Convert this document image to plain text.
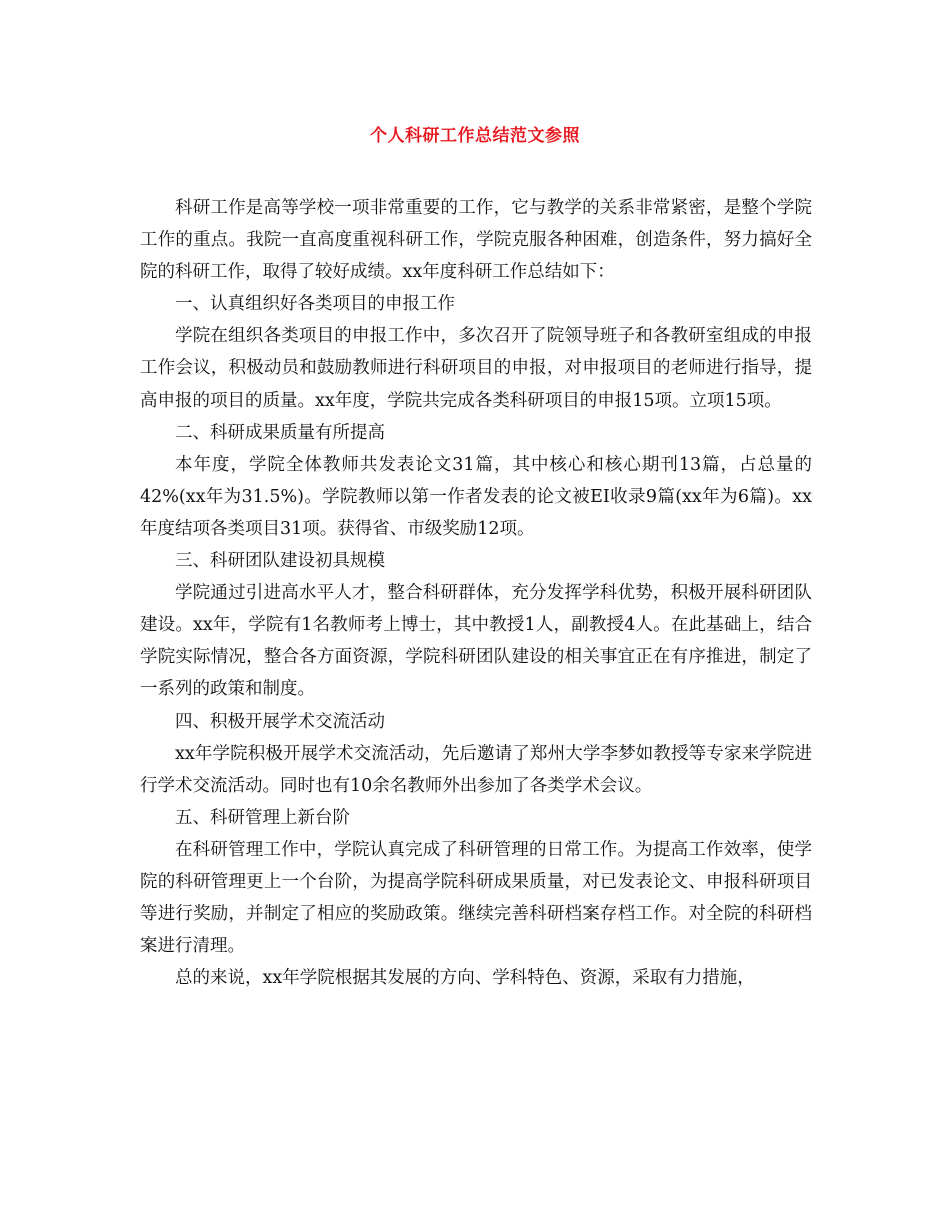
个人科研工作总结范文参照

科研工作是高等学校一项非常重要的工作，它与教学的关系非常紧密，是整个学院工作的重点。我院一直高度重视科研工作，学院克服各种困难，创造条件，努力搞好全院的科研工作，取得了较好成绩。xx年度科研工作总结如下：

一、认真组织好各类项目的申报工作

学院在组织各类项目的申报工作中，多次召开了院领导班子和各教研室组成的申报工作会议，积极动员和鼓励教师进行科研项目的申报，对申报项目的老师进行指导，提高申报的项目的质量。xx年度，学院共完成各类科研项目的申报15项。立项15项。

二、科研成果质量有所提高

本年度，学院全体教师共发表论文31篇，其中核心和核心期刊13篇，占总量的42%(xx年为31.5%)。学院教师以第一作者发表的论文被EI收录9篇(xx年为6篇)。xx年度结项各类项目31项。获得省、市级奖励12项。

三、科研团队建设初具规模

学院通过引进高水平人才，整合科研群体，充分发挥学科优势，积极开展科研团队建设。xx年，学院有1名教师考上博士，其中教授1人，副教授4人。在此基础上，结合学院实际情况，整合各方面资源，学院科研团队建设的相关事宜正在有序推进，制定了一系列的政策和制度。

四、积极开展学术交流活动

xx年学院积极开展学术交流活动，先后邀请了郑州大学李梦如教授等专家来学院进行学术交流活动。同时也有10余名教师外出参加了各类学术会议。

五、科研管理上新台阶

在科研管理工作中，学院认真完成了科研管理的日常工作。为提高工作效率，使学院的科研管理更上一个台阶，为提高学院科研成果质量，对已发表论文、申报科研项目等进行奖励，并制定了相应的奖励政策。继续完善科研档案存档工作。对全院的科研档案进行清理。

总的来说，xx年学院根据其发展的方向、学科特色、资源，采取有力措施，
